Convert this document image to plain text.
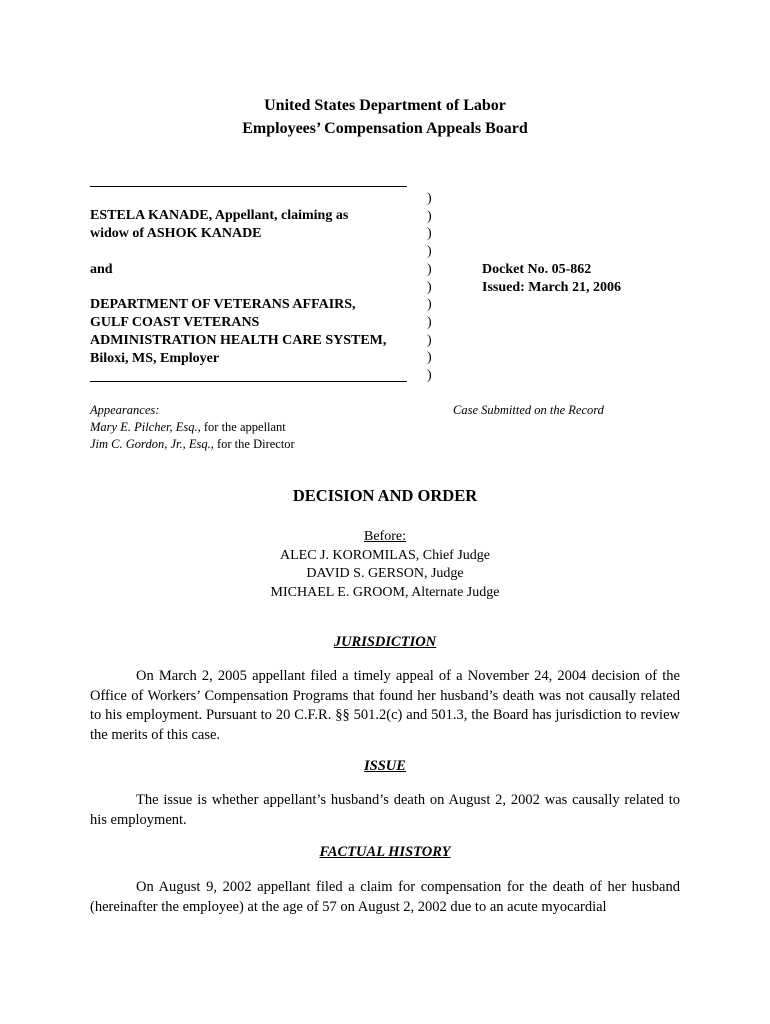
United States Department of Labor
Employees’ Compensation Appeals Board
ESTELA KANADE, Appellant, claiming as
widow of ASHOK KANADE
and
DEPARTMENT OF VETERANS AFFAIRS,
GULF COAST VETERANS
ADMINISTRATION HEALTH CARE SYSTEM,
Biloxi, MS, Employer
)
)
)
)
)
)
)
)
)
)
)
Docket No. 05-862
Issued: March 21, 2006
Appearances:
Mary E. Pilcher, Esq., for the appellant
Jim C. Gordon, Jr., Esq., for the Director
Case Submitted on the Record
DECISION AND ORDER
Before:
ALEC J. KOROMILAS, Chief Judge
DAVID S. GERSON, Judge
MICHAEL E. GROOM, Alternate Judge
JURISDICTION
On March 2, 2005 appellant filed a timely appeal of a November 24, 2004 decision of the Office of Workers’ Compensation Programs that found her husband’s death was not causally related to his employment. Pursuant to 20 C.F.R. §§ 501.2(c) and 501.3, the Board has jurisdiction to review the merits of this case.
ISSUE
The issue is whether appellant’s husband’s death on August 2, 2002 was causally related to his employment.
FACTUAL HISTORY
On August 9, 2002 appellant filed a claim for compensation for the death of her husband (hereinafter the employee) at the age of 57 on August 2, 2002 due to an acute myocardial
